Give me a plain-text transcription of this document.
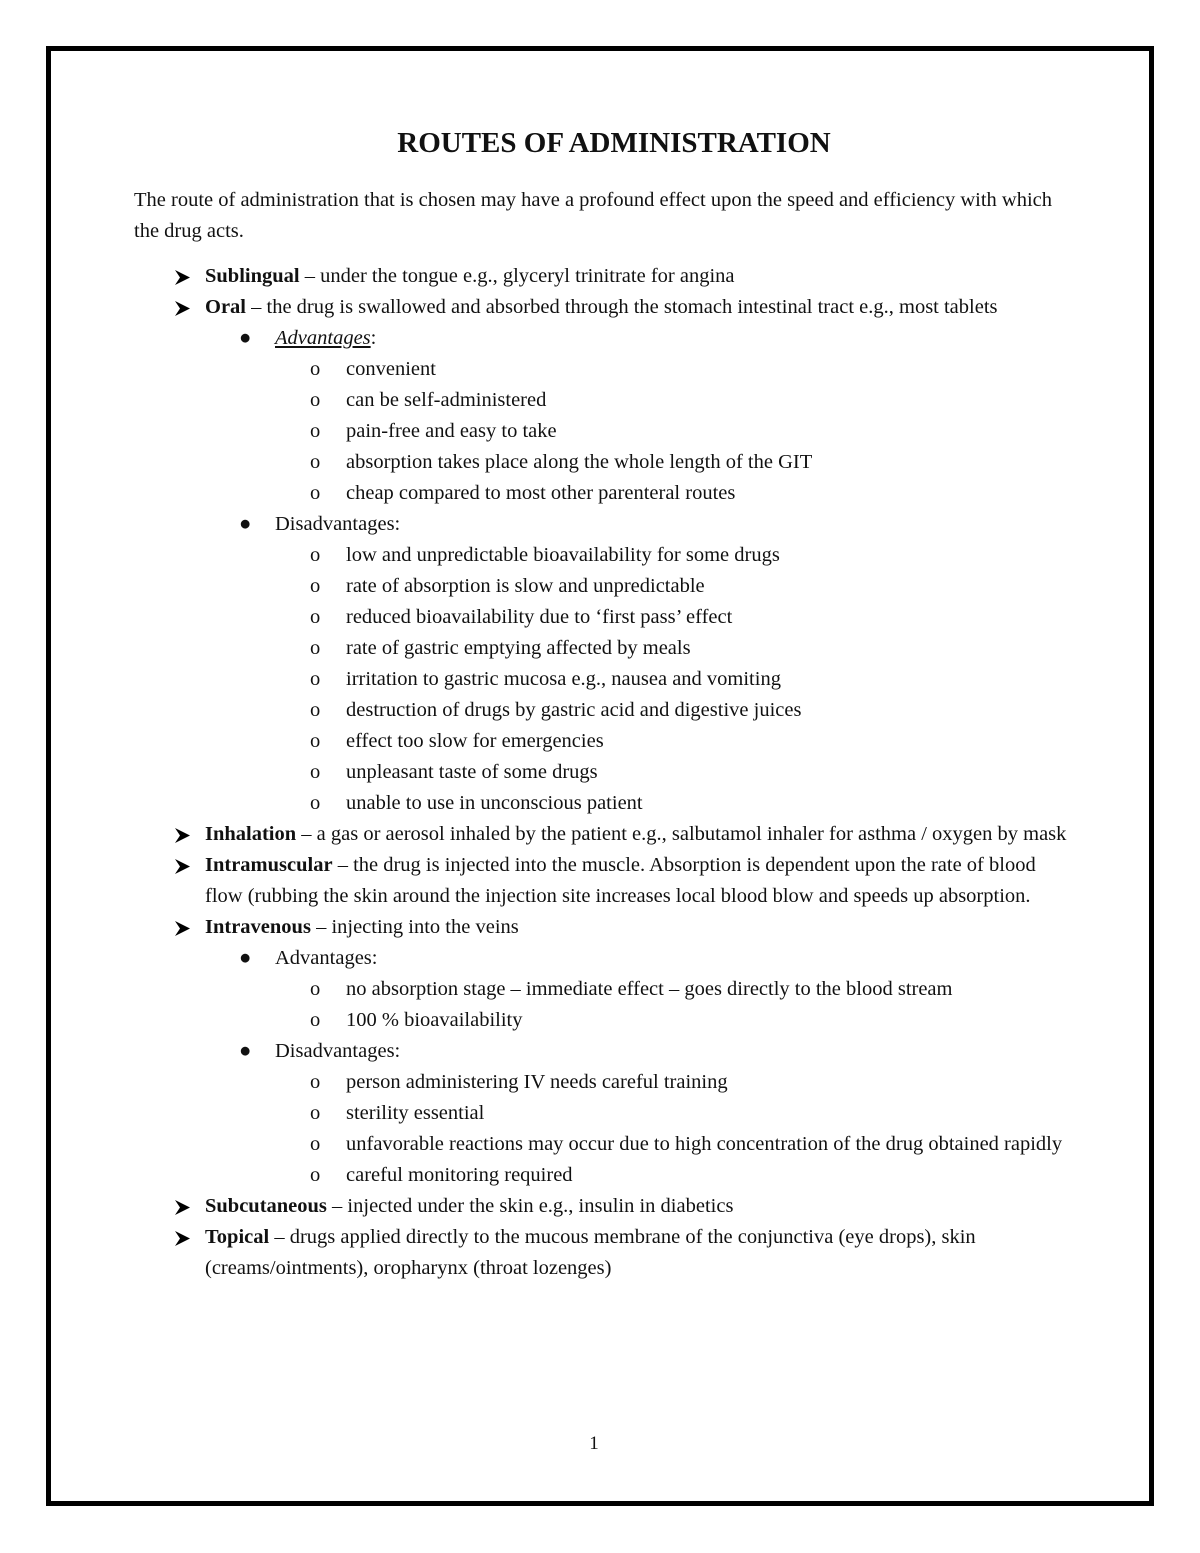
ROUTES OF ADMINISTRATION

The route of administration that is chosen may have a profound effect upon the speed and efficiency with which the drug acts.

Sublingual – under the tongue e.g., glyceryl trinitrate for angina
Oral – the drug is swallowed and absorbed through the stomach intestinal tract e.g., most tablets
● Advantages:
o convenient
o can be self-administered
o pain-free and easy to take
o absorption takes place along the whole length of the GIT
o cheap compared to most other parenteral routes
● Disadvantages:
o low and unpredictable bioavailability for some drugs
o rate of absorption is slow and unpredictable
o reduced bioavailability due to ‘first pass’ effect
o rate of gastric emptying affected by meals
o irritation to gastric mucosa e.g., nausea and vomiting
o destruction of drugs by gastric acid and digestive juices
o effect too slow for emergencies
o unpleasant taste of some drugs
o unable to use in unconscious patient
Inhalation – a gas or aerosol inhaled by the patient e.g., salbutamol inhaler for asthma / oxygen by mask
Intramuscular – the drug is injected into the muscle. Absorption is dependent upon the rate of blood flow (rubbing the skin around the injection site increases local blood blow and speeds up absorption.
Intravenous – injecting into the veins
● Advantages:
o no absorption stage – immediate effect – goes directly to the blood stream
o 100 % bioavailability
● Disadvantages:
o person administering IV needs careful training
o sterility essential
o unfavorable reactions may occur due to high concentration of the drug obtained rapidly
o careful monitoring required
Subcutaneous – injected under the skin e.g., insulin in diabetics
Topical – drugs applied directly to the mucous membrane of the conjunctiva (eye drops), skin (creams/ointments), oropharynx (throat lozenges)
1
